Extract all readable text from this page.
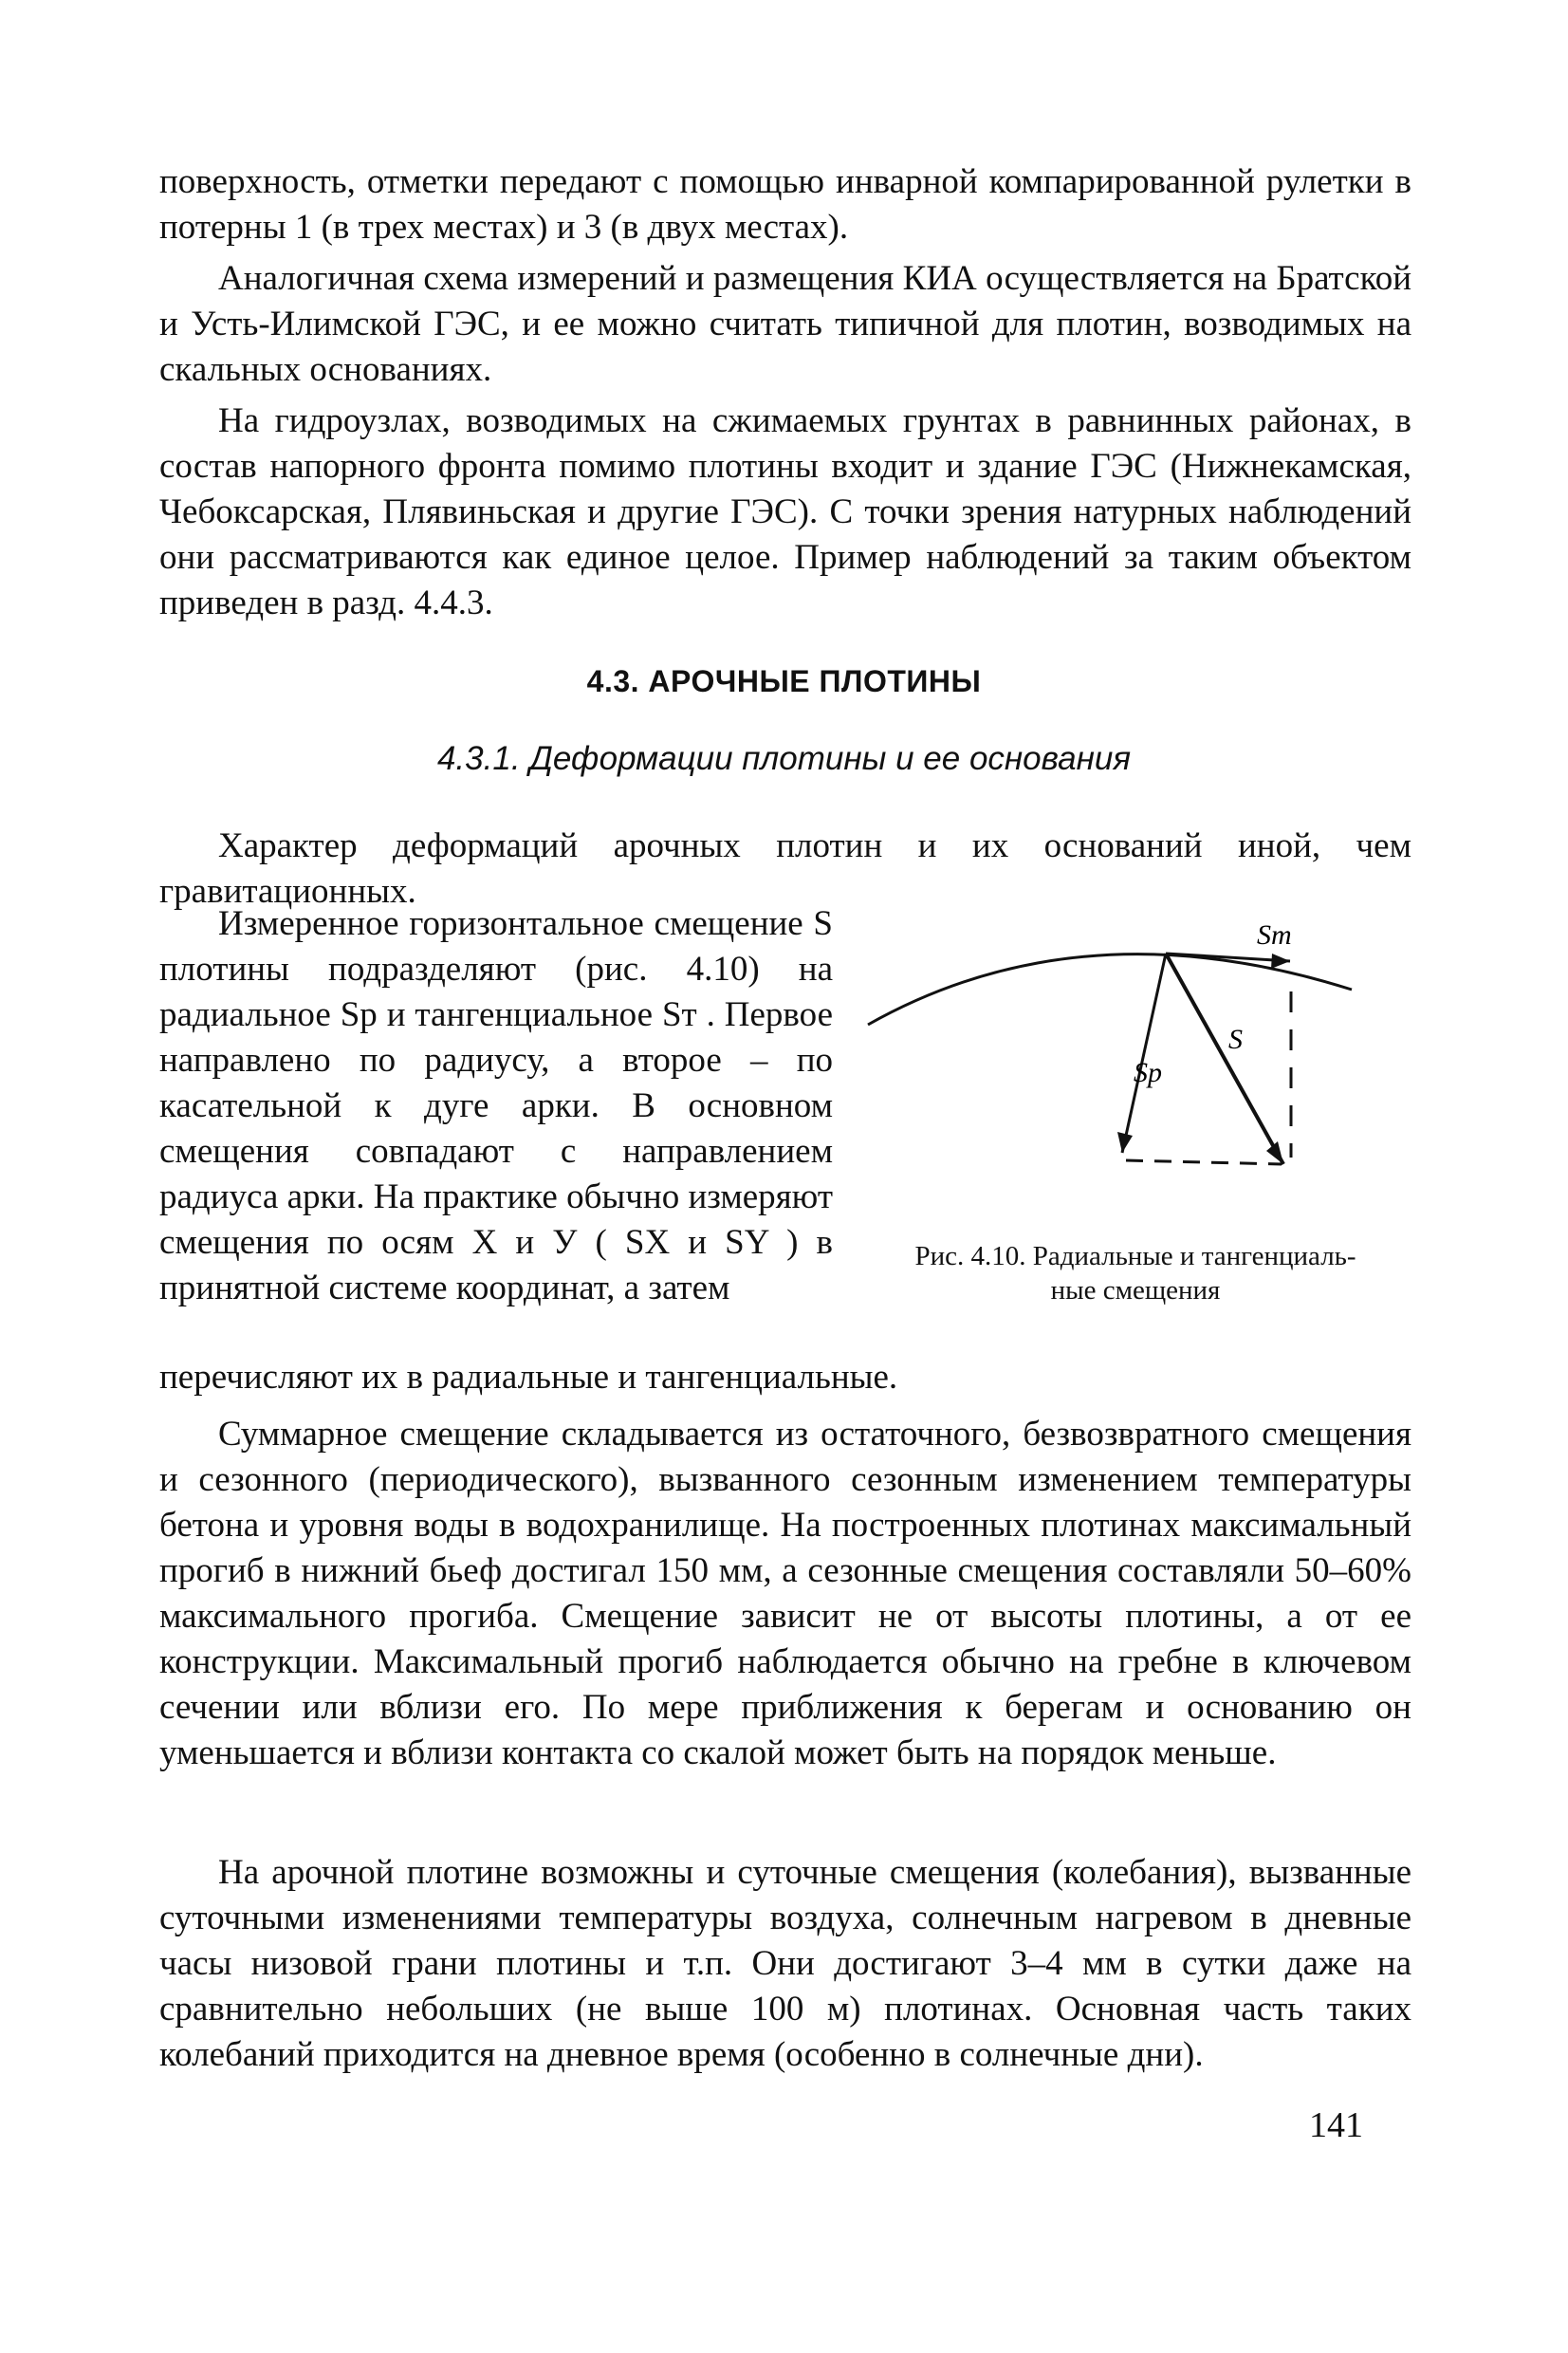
поверхность, отметки передают с помощью инварной компарированной рулетки в потерны 1 (в трех местах) и 3 (в двух местах).

Аналогичная схема измерений и размещения КИА осуществляется на Братской и Усть-Илимской ГЭС, и ее можно считать типичной для плотин, возводимых на скальных основаниях.

На гидроузлах, возводимых на сжимаемых грунтах в равнинных районах, в состав напорного фронта помимо плотины входит и здание ГЭС (Нижнекамская, Чебоксарская, Плявиньская и другие ГЭС). С точки зрения натурных наблюдений они рассматриваются как единое целое. Пример наблюдений за таким объектом приведен в разд. 4.4.3.

4.3. АРОЧНЫЕ ПЛОТИНЫ
4.3.1. Деформации плотины и ее основания

Характер деформаций арочных плотин и их оснований иной, чем гравитационных.

Измеренное горизонтальное смещение S плотины подразделяют (рис. 4.10) на радиальное Sp и тангенциальное Sт . Первое направлено по радиусу, а второе – по касательной к дуге арки. В основном смещения совпадают с направлением радиуса арки. На практике обычно измеряют смещения по осям X и У ( SX и SY ) в принятной системе координат, а затем

перечисляют их в радиальные и тангенциальные.

Sm
S
Sp
Рис. 4.10. Радиальные и тангенциаль-
ные смещения

Суммарное смещение складывается из остаточного, безвозвратного смещения и сезонного (периодического), вызванного сезонным изменением температуры бетона и уровня воды в водохранилище. На построенных плотинах максимальный прогиб в нижний бьеф достигал 150 мм, а сезонные смещения составляли 50–60% максимального прогиба. Смещение зависит не от высоты плотины, а от ее конструкции. Максимальный прогиб наблюдается обычно на гребне в ключевом сечении или вблизи его. По мере приближения к берегам и основанию он уменьшается и вблизи контакта со скалой может быть на порядок меньше.

На арочной плотине возможны и суточные смещения (колебания), вызванные суточными изменениями температуры воздуха, солнечным нагревом в дневные часы низовой грани плотины и т.п. Они достигают 3–4 мм в сутки даже на сравнительно небольших (не выше 100 м) плотинах. Основная часть таких колебаний приходится на дневное время (особенно в солнечные дни).

141
